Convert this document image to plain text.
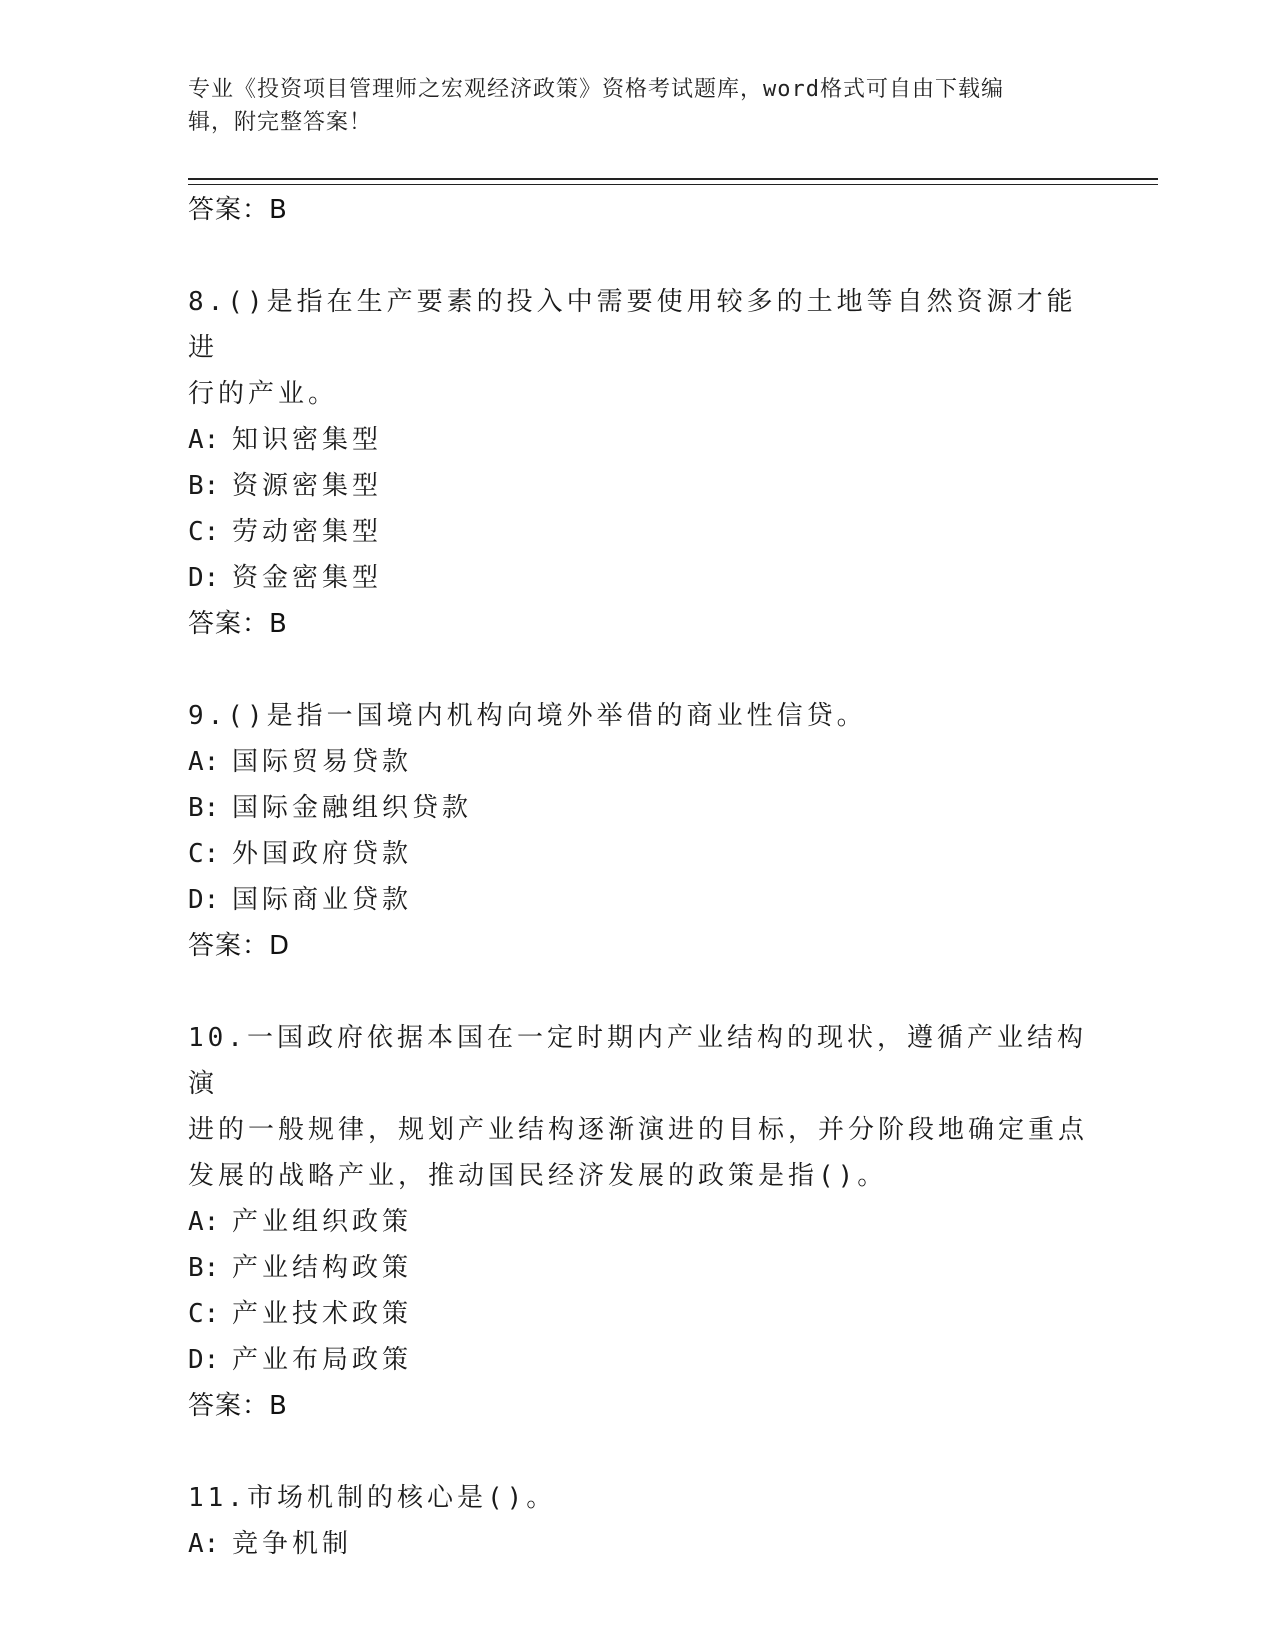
专业《投资项目管理师之宏观经济政策》资格考试题库，word格式可自由下载编
辑，附完整答案！
答案：B
8.()是指在生产要素的投入中需要使用较多的土地等自然资源才能进
行的产业。
A: 知识密集型
B: 资源密集型
C: 劳动密集型
D: 资金密集型
答案：B
9.()是指一国境内机构向境外举借的商业性信贷。
A: 国际贸易贷款
B: 国际金融组织贷款
C: 外国政府贷款
D: 国际商业贷款
答案：D
10.一国政府依据本国在一定时期内产业结构的现状，遵循产业结构演
进的一般规律，规划产业结构逐渐演进的目标，并分阶段地确定重点
发展的战略产业，推动国民经济发展的政策是指()。
A: 产业组织政策
B: 产业结构政策
C: 产业技术政策
D: 产业布局政策
答案：B
11.市场机制的核心是()。
A: 竞争机制
